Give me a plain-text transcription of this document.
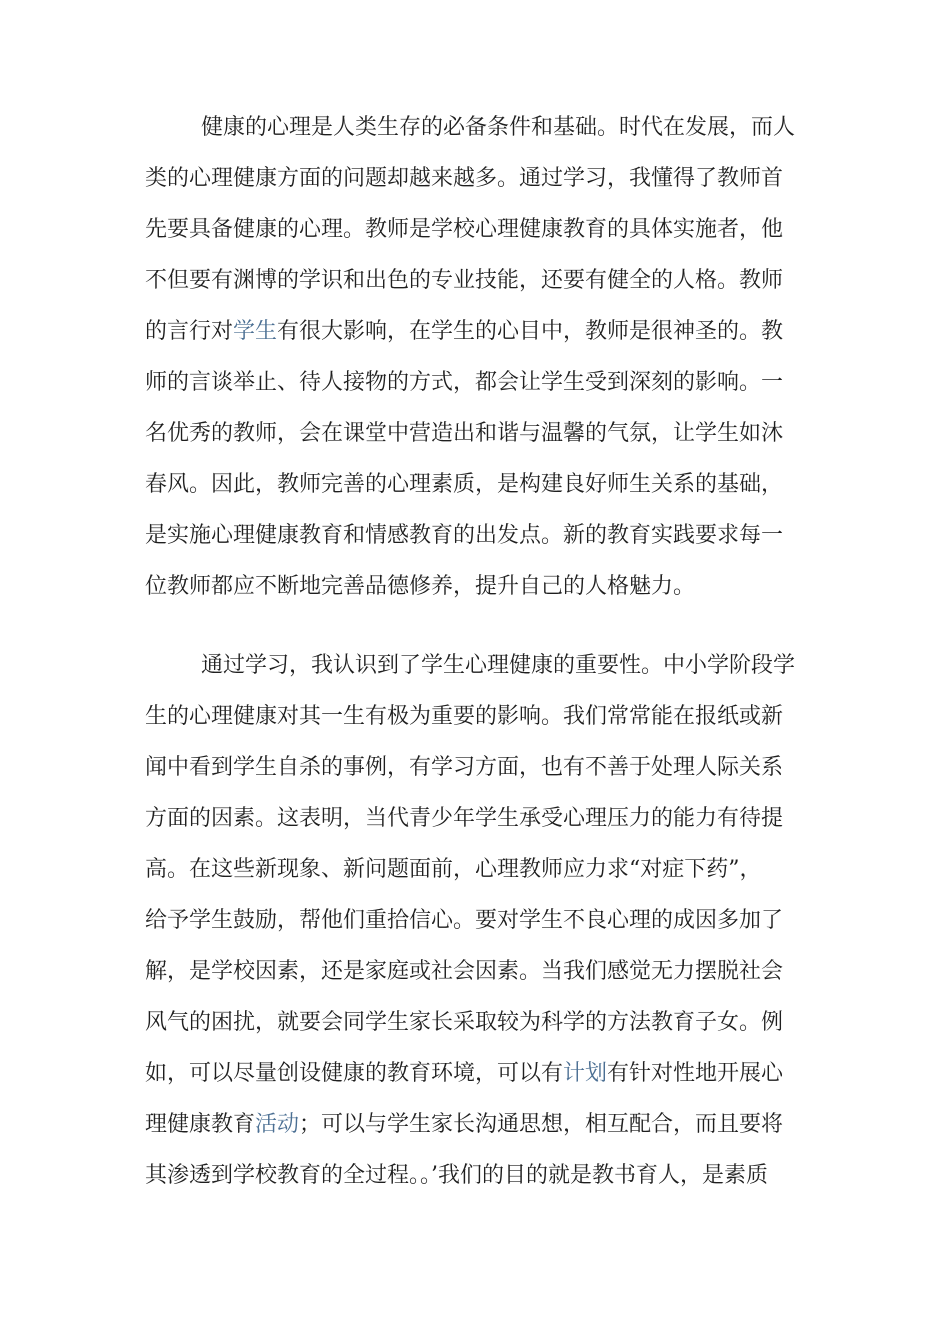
健康的心理是人类生存的必备条件和基础。时代在发展，而人

类的心理健康方面的问题却越来越多。通过学习，我懂得了教师首

先要具备健康的心理。教师是学校心理健康教育的具体实施者，他

不但要有渊博的学识和出色的专业技能，还要有健全的人格。教师

的言行对学生有很大影响，在学生的心目中，教师是很神圣的。教

师的言谈举止、待人接物的方式，都会让学生受到深刻的影响。一

名优秀的教师，会在课堂中营造出和谐与温馨的气氛，让学生如沐

春风。因此，教师完善的心理素质，是构建良好师生关系的基础，

是实施心理健康教育和情感教育的出发点。新的教育实践要求每一

位教师都应不断地完善品德修养，提升自己的人格魅力。

通过学习，我认识到了学生心理健康的重要性。中小学阶段学

生的心理健康对其一生有极为重要的影响。我们常常能在报纸或新

闻中看到学生自杀的事例，有学习方面，也有不善于处理人际关系

方面的因素。这表明，当代青少年学生承受心理压力的能力有待提

高。在这些新现象、新问题面前，心理教师应力求“对症下药”，

给予学生鼓励，帮他们重拾信心。要对学生不良心理的成因多加了

解，是学校因素，还是家庭或社会因素。当我们感觉无力摆脱社会

风气的困扰，就要会同学生家长采取较为科学的方法教育子女。例

如，可以尽量创设健康的教育环境，可以有计划有针对性地开展心

理健康教育活动；可以与学生家长沟通思想，相互配合，而且要将

其渗透到学校教育的全过程。。’我们的目的就是教书育人，是素质
